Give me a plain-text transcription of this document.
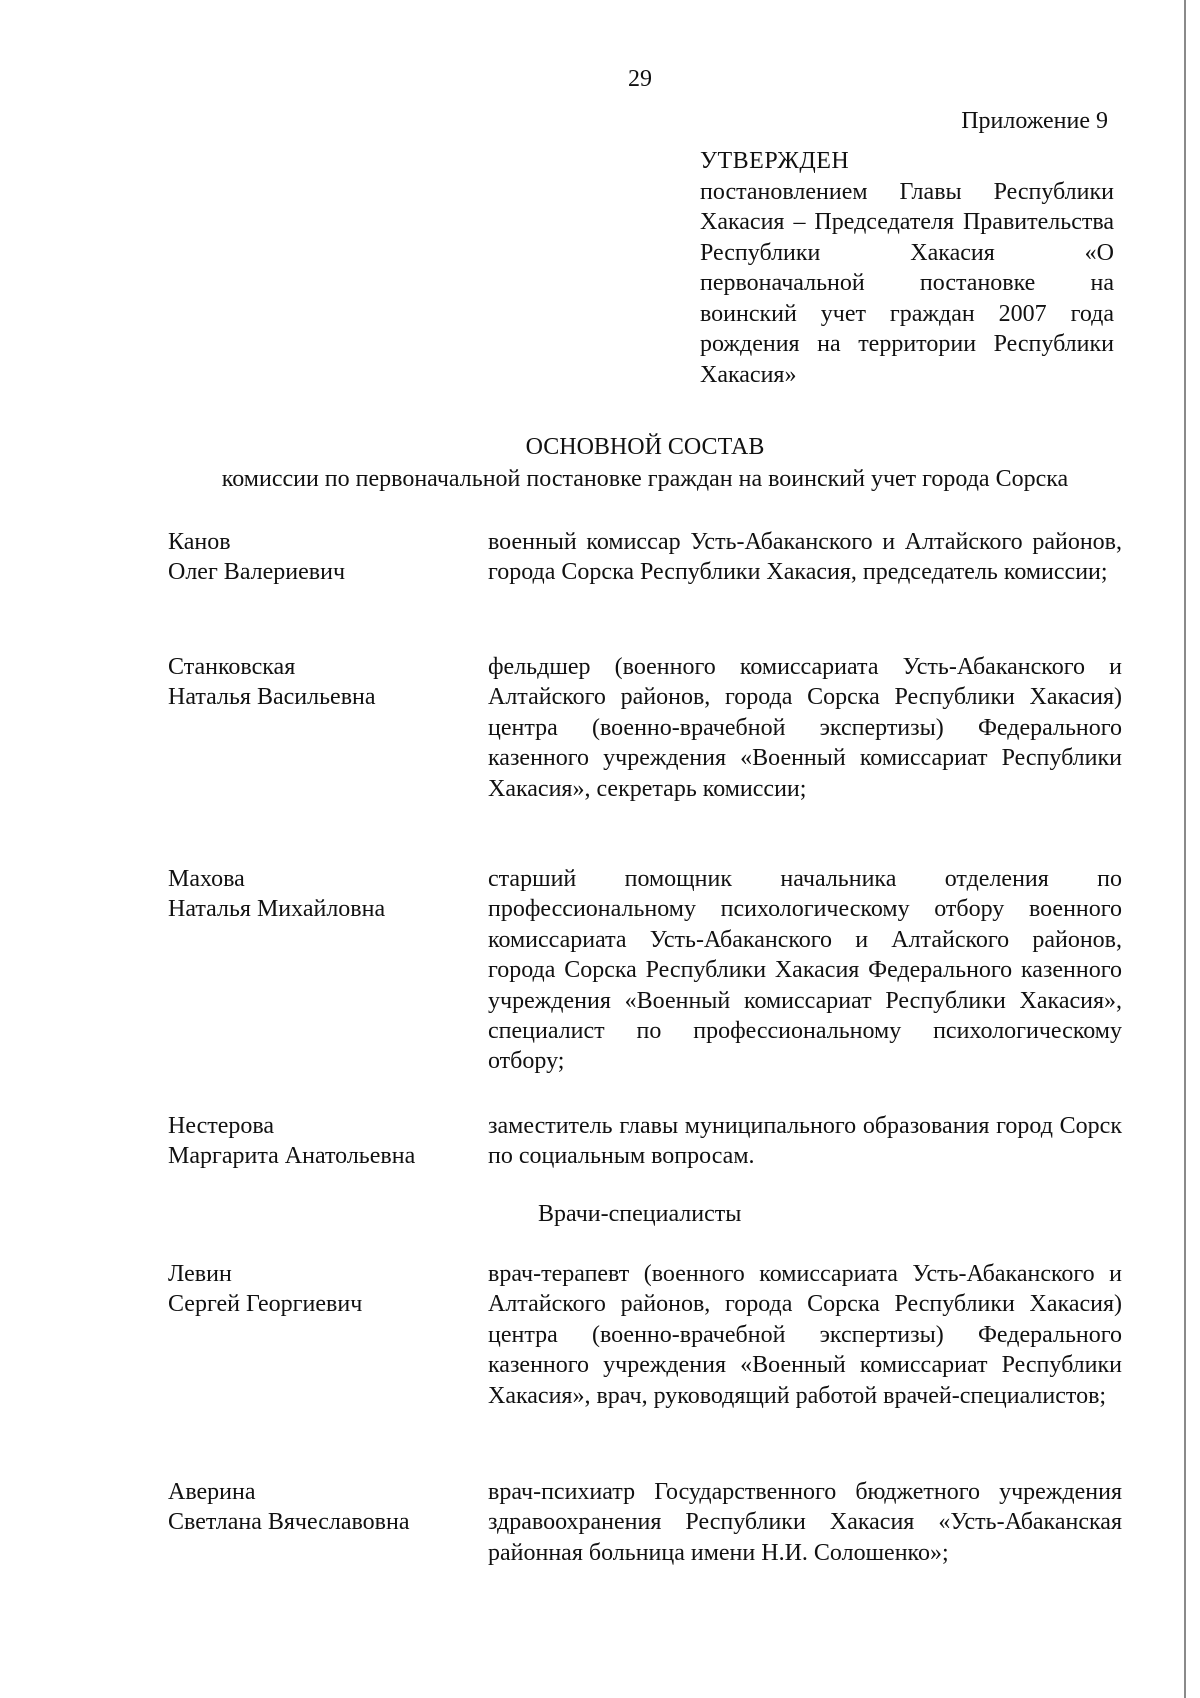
29
Приложение 9
УТВЕРЖДЕН
постановлением Главы Республики Хакасия – Председателя Правительства Республики Хакасия «О первоначальной постановке на воинский учет граждан 2007 года рождения на территории Республики Хакасия»
ОСНОВНОЙ СОСТАВ
комиссии по первоначальной постановке граждан на воинский учет города Сорска
Канов
Олег Валериевич
военный комиссар Усть-Абаканского и Алтайского районов, города Сорска Республики Хакасия, председатель комиссии;
Станковская
Наталья Васильевна
фельдшер (военного комиссариата Усть-Абаканского и Алтайского районов, города Сорска Республики Хакасия) центра (военно-врачебной экспертизы) Федерального казенного учреждения «Военный комиссариат Республики Хакасия», секретарь комиссии;
Махова
Наталья Михайловна
старший помощник начальника отделения по профессиональному психологическому отбору военного комиссариата Усть-Абаканского и Алтайского районов, города Сорска Республики Хакасия Федерального казенного учреждения «Военный комиссариат Республики Хакасия», специалист по профессиональному психологическому отбору;
Нестерова
Маргарита Анатольевна
заместитель главы муниципального образования город Сорск по социальным вопросам.
Врачи-специалисты
Левин
Сергей Георгиевич
врач-терапевт (военного комиссариата Усть-Абаканского и Алтайского районов, города Сорска Республики Хакасия) центра (военно-врачебной экспертизы) Федерального казенного учреждения «Военный комиссариат Республики Хакасия», врач, руководящий работой врачей-специалистов;
Аверина
Светлана Вячеславовна
врач-психиатр Государственного бюджетного учреждения здравоохранения Республики Хакасия «Усть-Абаканская районная больница имени Н.И. Солошенко»;
